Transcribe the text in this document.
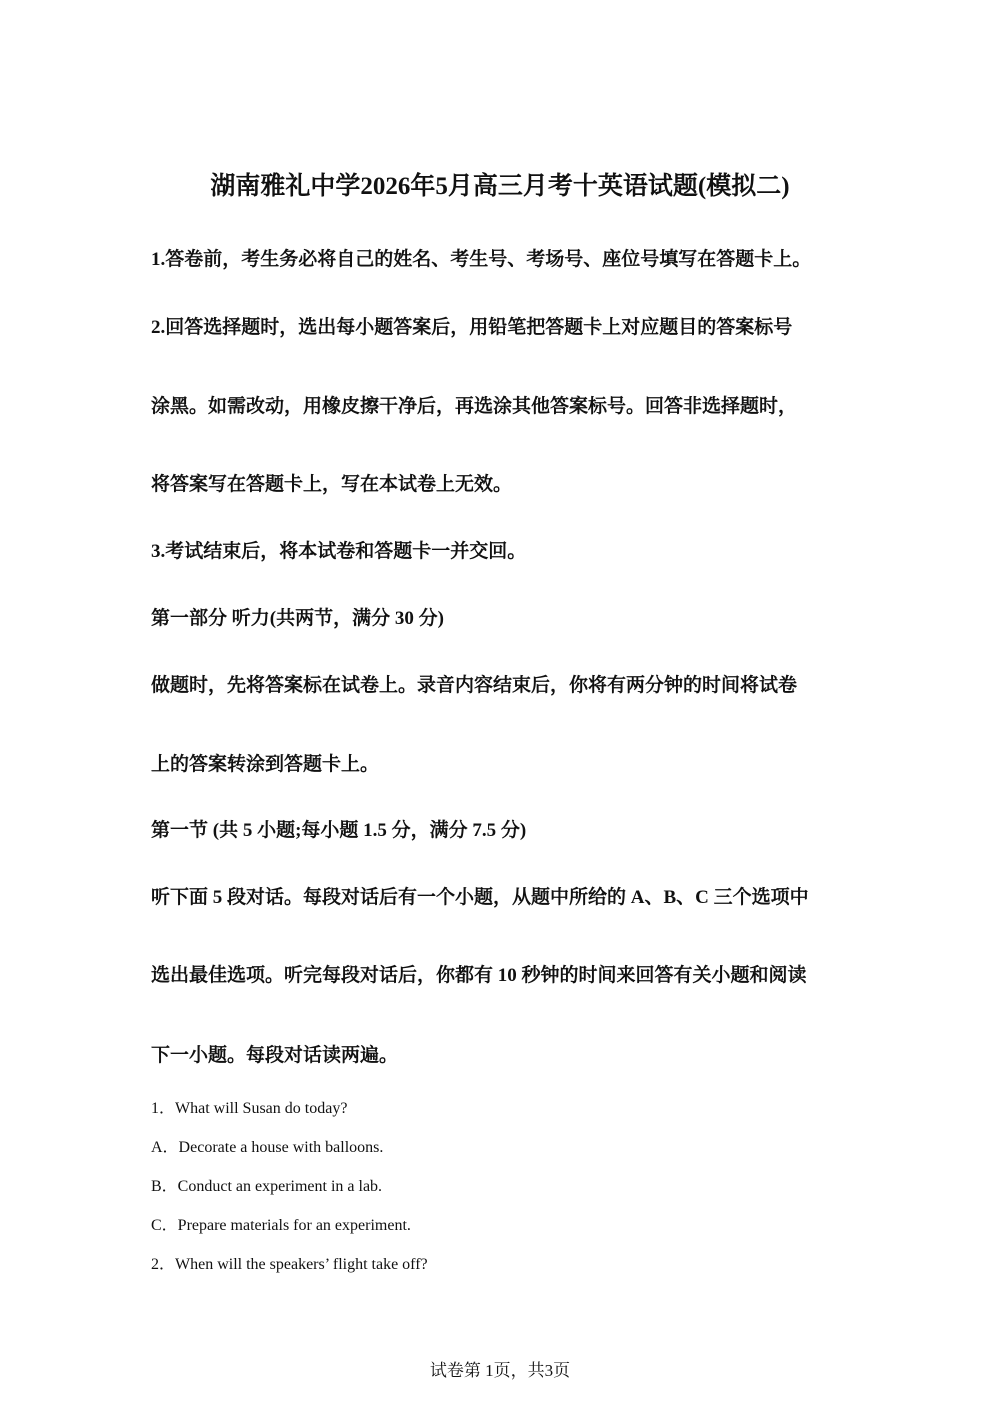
湖南雅礼中学2026年5月高三月考十英语试题(模拟二)
1.答卷前，考生务必将自己的姓名、考生号、考场号、座位号填写在答题卡上。
2.回答选择题时，选出每小题答案后，用铅笔把答题卡上对应题目的答案标号
涂黑。如需改动，用橡皮擦干净后，再选涂其他答案标号。回答非选择题时，
将答案写在答题卡上，写在本试卷上无效。
3.考试结束后，将本试卷和答题卡一并交回。
第一部分 听力(共两节，满分 30 分)
做题时，先将答案标在试卷上。录音内容结束后，你将有两分钟的时间将试卷
上的答案转涂到答题卡上。
第一节 (共 5 小题;每小题 1.5 分，满分 7.5 分)
听下面 5 段对话。每段对话后有一个小题，从题中所给的 A、B、C 三个选项中
选出最佳选项。听完每段对话后，你都有 10 秒钟的时间来回答有关小题和阅读
下一小题。每段对话读两遍。
1．What will Susan do today?
A．Decorate a house with balloons.
B．Conduct an experiment in a lab.
C．Prepare materials for an experiment.
2．When will the speakers’ flight take off?
试卷第 1页，共3页
